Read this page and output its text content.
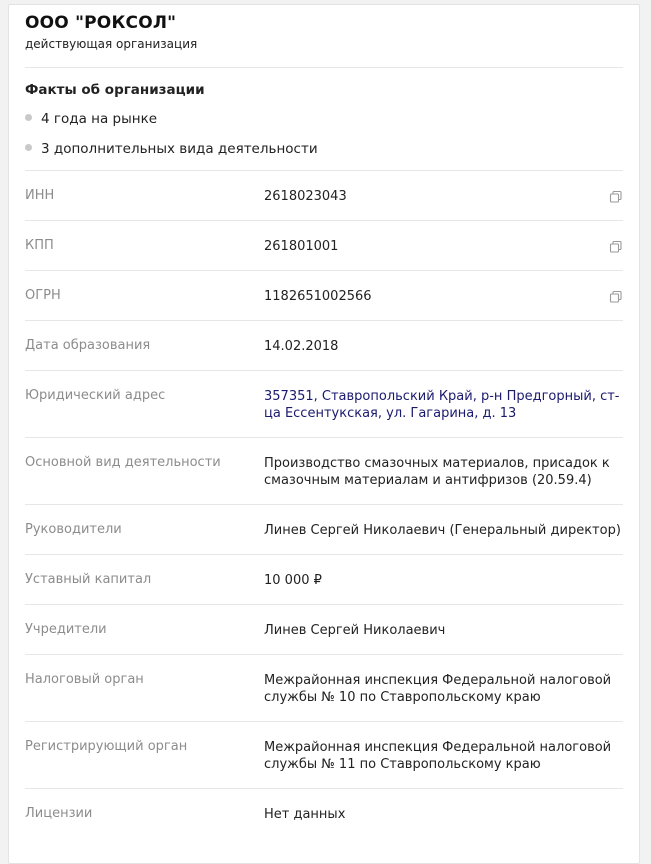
ООО "РОКСОЛ"
действующая организация
Факты об организации
4 года на рынке
3 дополнительных вида деятельности
ИНН	2618023043
КПП	261801001
ОГРН	1182651002566
Дата образования	14.02.2018
Юридический адрес	357351, Ставропольский Край, р-н Предгорный, ст-ца Ессентукская, ул. Гагарина, д. 13
Основной вид деятельности	Производство смазочных материалов, присадок к смазочным материалам и антифризов (20.59.4)
Руководители	Линев Сергей Николаевич (Генеральный директор)
Уставный капитал	10 000 ₽
Учредители	Линев Сергей Николаевич
Налоговый орган	Межрайонная инспекция Федеральной налоговой службы № 10 по Ставропольскому краю
Регистрирующий орган	Межрайонная инспекция Федеральной налоговой службы № 11 по Ставропольскому краю
Лицензии	Нет данных
